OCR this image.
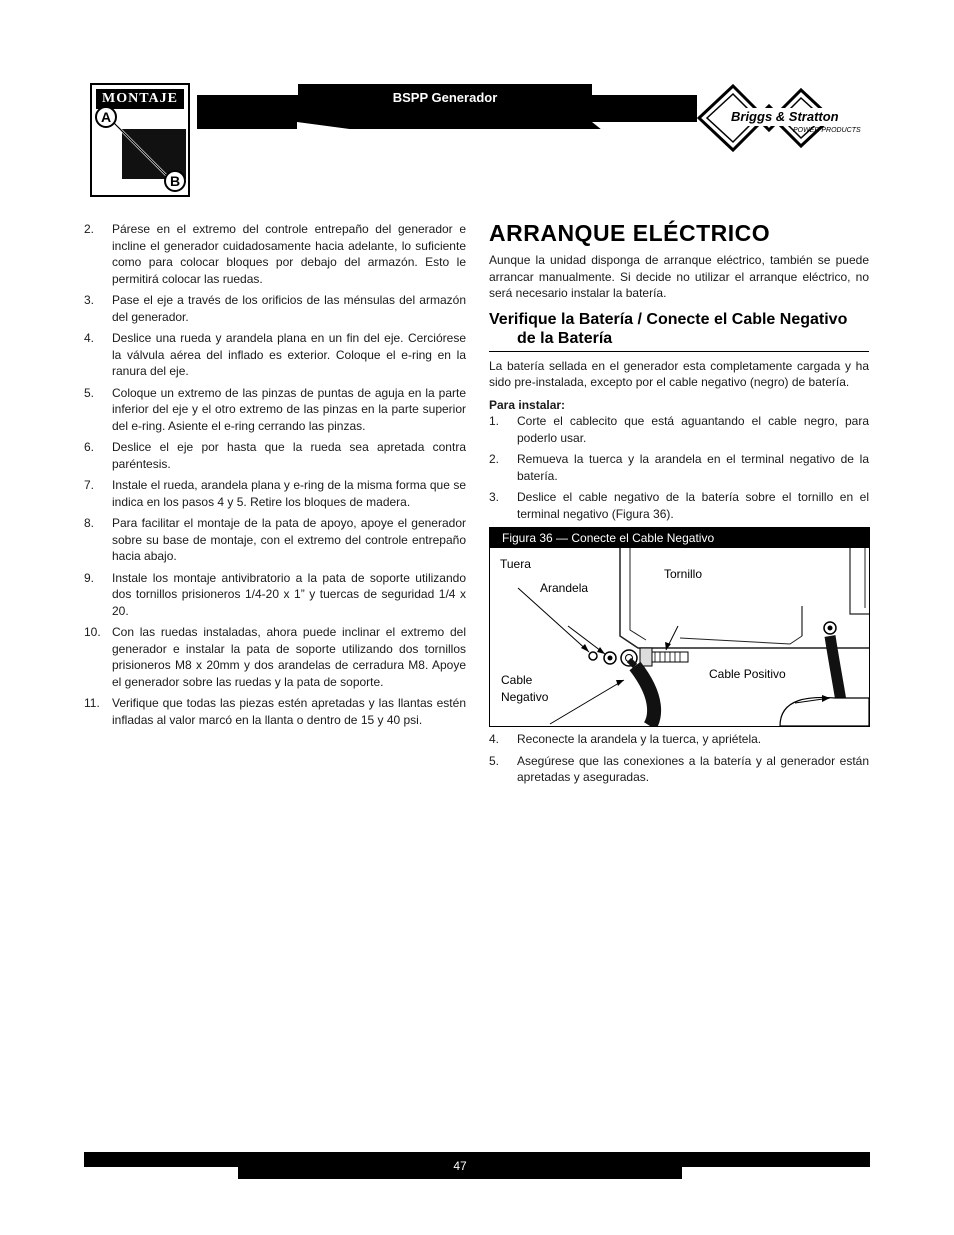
MONTAJE
A
B
BSPP Generador
Briggs & Stratton
POWER PRODUCTS
2. Párese en el extremo del controle entrepaño del generador e incline el generador cuidadosamente hacia adelante, lo suficiente como para colocar bloques por debajo del armazón. Esto le permitirá colocar las ruedas.
3. Pase el eje a través de los orificios de las ménsulas del armazón del generador.
4. Deslice una rueda y arandela plana en un fin del eje. Cerciórese la válvula aérea del inflado es exterior. Coloque el e-ring en la ranura del eje.
5. Coloque un extremo de las pinzas de puntas de aguja en la parte inferior del eje y el otro extremo de las pinzas en la parte superior del e-ring. Asiente el e-ring cerrando las pinzas.
6. Deslice el eje por hasta que la rueda sea apretada contra paréntesis.
7. Instale el rueda, arandela plana y e-ring de la misma forma que se indica en los pasos 4 y 5. Retire los bloques de madera.
8. Para facilitar el montaje de la pata de apoyo, apoye el generador sobre su base de montaje, con el extremo del controle entrepaño hacia abajo.
9. Instale los montaje antivibratorio a la pata de soporte utilizando dos tornillos prisioneros 1/4-20 x 1” y tuercas de seguridad 1/4 x 20.
10. Con las ruedas instaladas, ahora puede inclinar el extremo del generador e instalar la pata de soporte utilizando dos tornillos prisioneros M8 x 20mm y dos arandelas de cerradura M8. Apoye el generador sobre las ruedas y la pata de soporte.
11. Verifique que todas las piezas estén apretadas y las llantas estén infladas al valor marcó en la llanta o dentro de 15 y 40 psi.
ARRANQUE ELÉCTRICO
Aunque la unidad disponga de arranque eléctrico, también se puede arrancar manualmente. Si decide no utilizar el arranque eléctrico, no será necesario instalar la batería.
Verifique la Batería / Conecte el Cable Negativo de la Batería
La batería sellada en el generador esta completamente cargada y ha sido pre-instalada, excepto por el cable negativo (negro) de batería.
Para instalar:
1. Corte el cablecito que está aguantando el cable negro, para poderlo usar.
2. Remueva la tuerca y la arandela en el terminal negativo de la batería.
3. Deslice el cable negativo de la batería sobre el tornillo en el terminal negativo (Figura 36).
Figura 36 — Conecte el Cable Negativo
Tuera
Arandela
Tornillo
Cable Positivo
Cable
Negativo
4. Reconecte la arandela y la tuerca, y apriétela.
5. Asegúrese que las conexiones a la batería y al generador están apretadas y aseguradas.
47
